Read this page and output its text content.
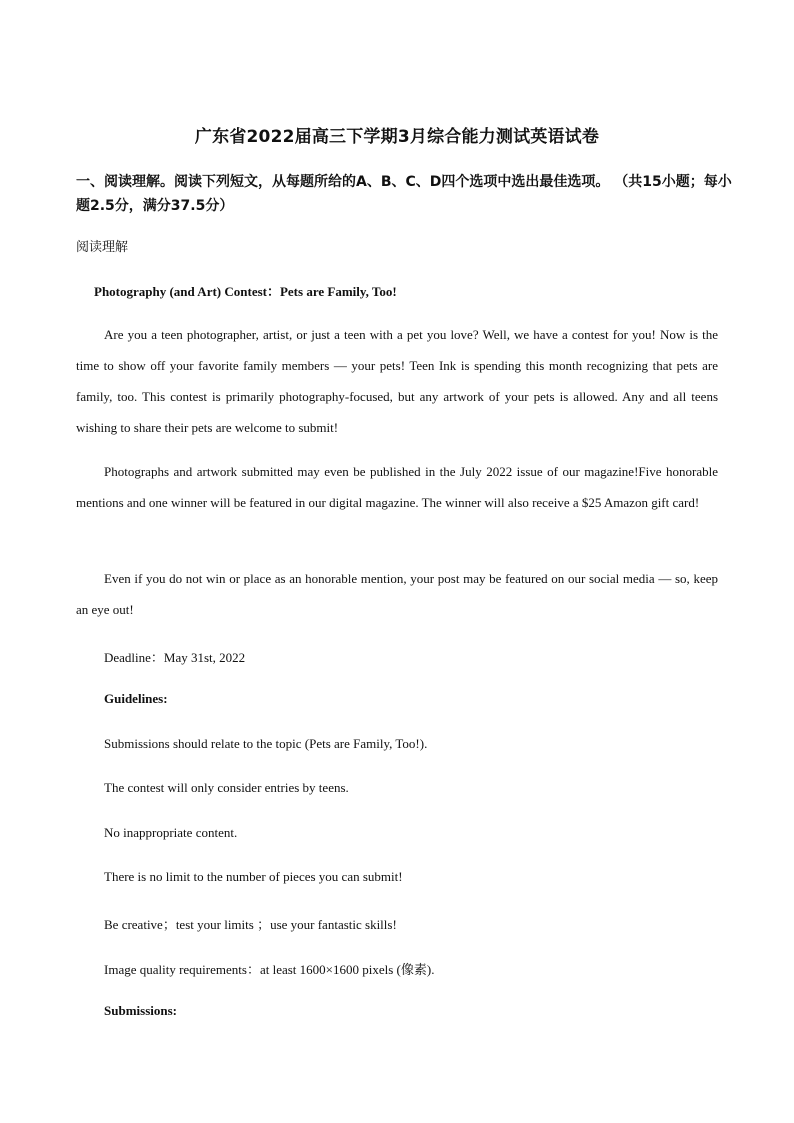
广东省2022届高三下学期3月综合能力测试英语试卷
一、阅读理解。阅读下列短文，从每题所给的A、B、C、D四个选项中选出最佳选项。 （共15小题；每小题2.5分，满分37.5分）
阅读理解
Photography (and Art) Contest：Pets are Family, Too!
Are you a teen photographer, artist, or just a teen with a pet you love? Well, we have a contest for you! Now is the time to show off your favorite family members — your pets! Teen Ink is spending this month recognizing that pets are family, too. This contest is primarily photography-focused, but any artwork of your pets is allowed. Any and all teens wishing to share their pets are welcome to submit!
Photographs and artwork submitted may even be published in the July 2022 issue of our magazine!Five honorable mentions and one winner will be featured in our digital magazine. The winner will also receive a $25 Amazon gift card!
Even if you do not win or place as an honorable mention, your post may be featured on our social media — so, keep an eye out!
Deadline：May 31st, 2022
Guidelines:
Submissions should relate to the topic (Pets are Family, Too!).
The contest will only consider entries by teens.
No inappropriate content.
There is no limit to the number of pieces you can submit!
Be creative；test your limits ；use your fantastic skills!
Image quality requirements：at least 1600×1600 pixels (像素).
Submissions:
